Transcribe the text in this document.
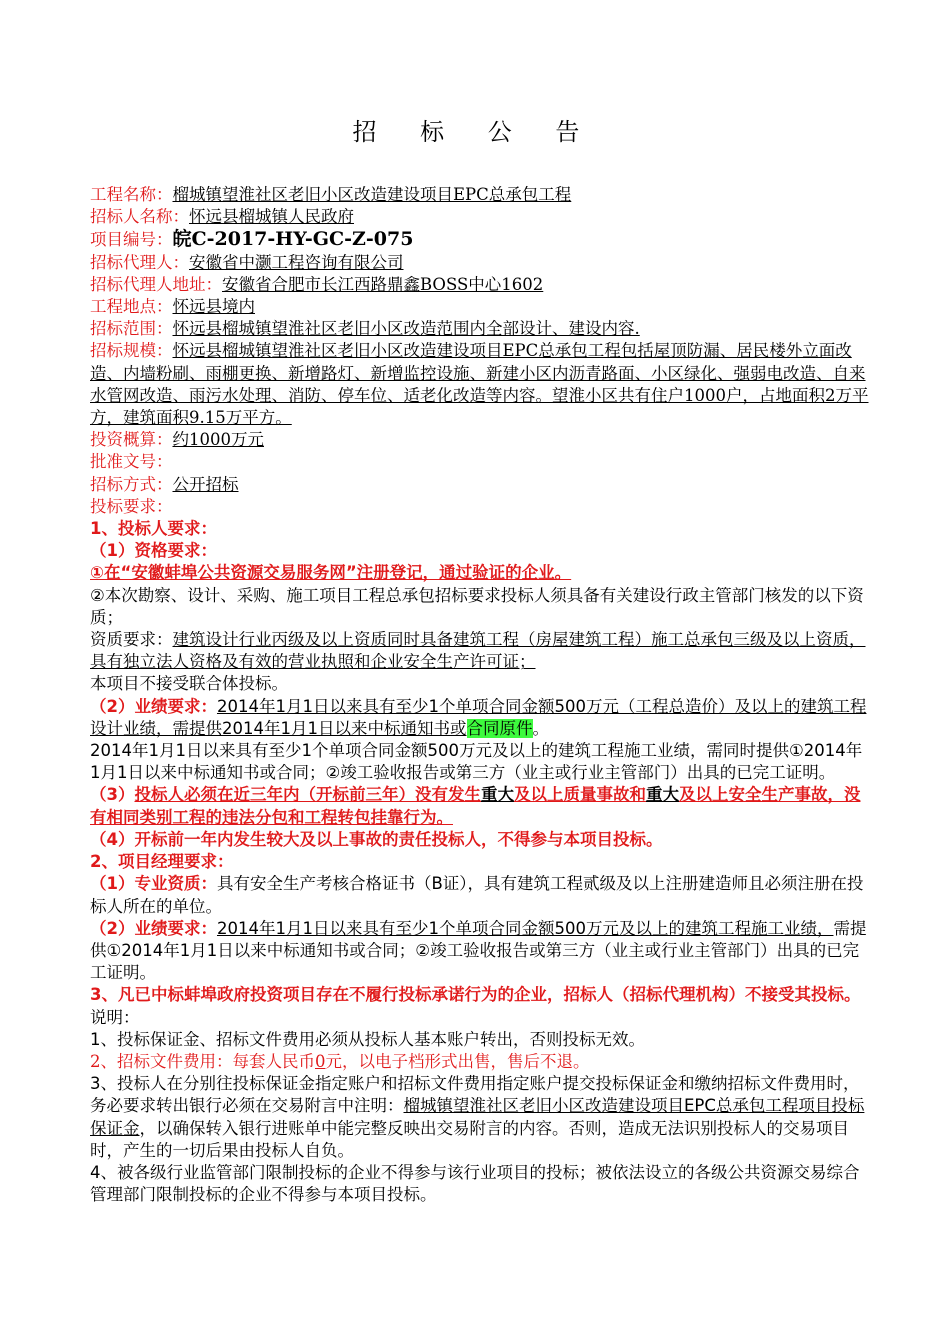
招 标 公 告
工程名称：榴城镇望淮社区老旧小区改造建设项目EPC总承包工程
招标人名称：怀远县榴城镇人民政府
项目编号：皖C-2017-HY-GC-Z-075
招标代理人：安徽省中灏工程咨询有限公司
招标代理人地址：安徽省合肥市长江西路鼎鑫BOSS中心1602
工程地点：怀远县境内
招标范围：怀远县榴城镇望淮社区老旧小区改造范围内全部设计、建设内容.
招标规模：怀远县榴城镇望淮社区老旧小区改造建设项目EPC总承包工程包括屋顶防漏、居民楼外立面改造、内墙粉刷、雨棚更换、新增路灯、新增监控设施、新建小区内沥青路面、小区绿化、强弱电改造、自来水管网改造、雨污水处理、消防、停车位、适老化改造等内容。望淮小区共有住户1000户，占地面积2万平方，建筑面积9.15万平方。
投资概算：约1000万元
批准文号：
招标方式：公开招标
投标要求：
1、投标人要求：
（1）资格要求：
①在“安徽蚌埠公共资源交易服务网”注册登记，通过验证的企业。
②本次勘察、设计、采购、施工项目工程总承包招标要求投标人须具备有关建设行政主管部门核发的以下资质；
资质要求：建筑设计行业丙级及以上资质同时具备建筑工程（房屋建筑工程）施工总承包三级及以上资质，具有独立法人资格及有效的营业执照和企业安全生产许可证；
本项目不接受联合体投标。
（2）业绩要求：2014年1月1日以来具有至少1个单项合同金额500万元（工程总造价）及以上的建筑工程设计业绩，需提供2014年1月1日以来中标通知书或合同原件。
2014年1月1日以来具有至少1个单项合同金额500万元及以上的建筑工程施工业绩，需同时提供①2014年1月1日以来中标通知书或合同；②竣工验收报告或第三方（业主或行业主管部门）出具的已完工证明。
（3）投标人必须在近三年内（开标前三年）没有发生重大及以上质量事故和重大及以上安全生产事故，没有相同类别工程的违法分包和工程转包挂靠行为。
（4）开标前一年内发生较大及以上事故的责任投标人，不得参与本项目投标。
2、项目经理要求：
（1）专业资质：具有安全生产考核合格证书（B证），具有建筑工程贰级及以上注册建造师且必须注册在投标人所在的单位。
（2）业绩要求：2014年1月1日以来具有至少1个单项合同金额500万元及以上的建筑工程施工业绩，需提供①2014年1月1日以来中标通知书或合同；②竣工验收报告或第三方（业主或行业主管部门）出具的已完工证明。
3、凡已中标蚌埠政府投资项目存在不履行投标承诺行为的企业，招标人（招标代理机构）不接受其投标。
说明：
1、投标保证金、招标文件费用必须从投标人基本账户转出，否则投标无效。
2、招标文件费用：每套人民币0元，以电子档形式出售，售后不退。
3、投标人在分别往投标保证金指定账户和招标文件费用指定账户提交投标保证金和缴纳招标文件费用时，务必要求转出银行必须在交易附言中注明：榴城镇望淮社区老旧小区改造建设项目EPC总承包工程项目投标保证金，以确保转入银行进账单中能完整反映出交易附言的内容。否则，造成无法识别投标人的交易项目时，产生的一切后果由投标人自负。
4、被各级行业监管部门限制投标的企业不得参与该行业项目的投标；被依法设立的各级公共资源交易综合管理部门限制投标的企业不得参与本项目投标。
